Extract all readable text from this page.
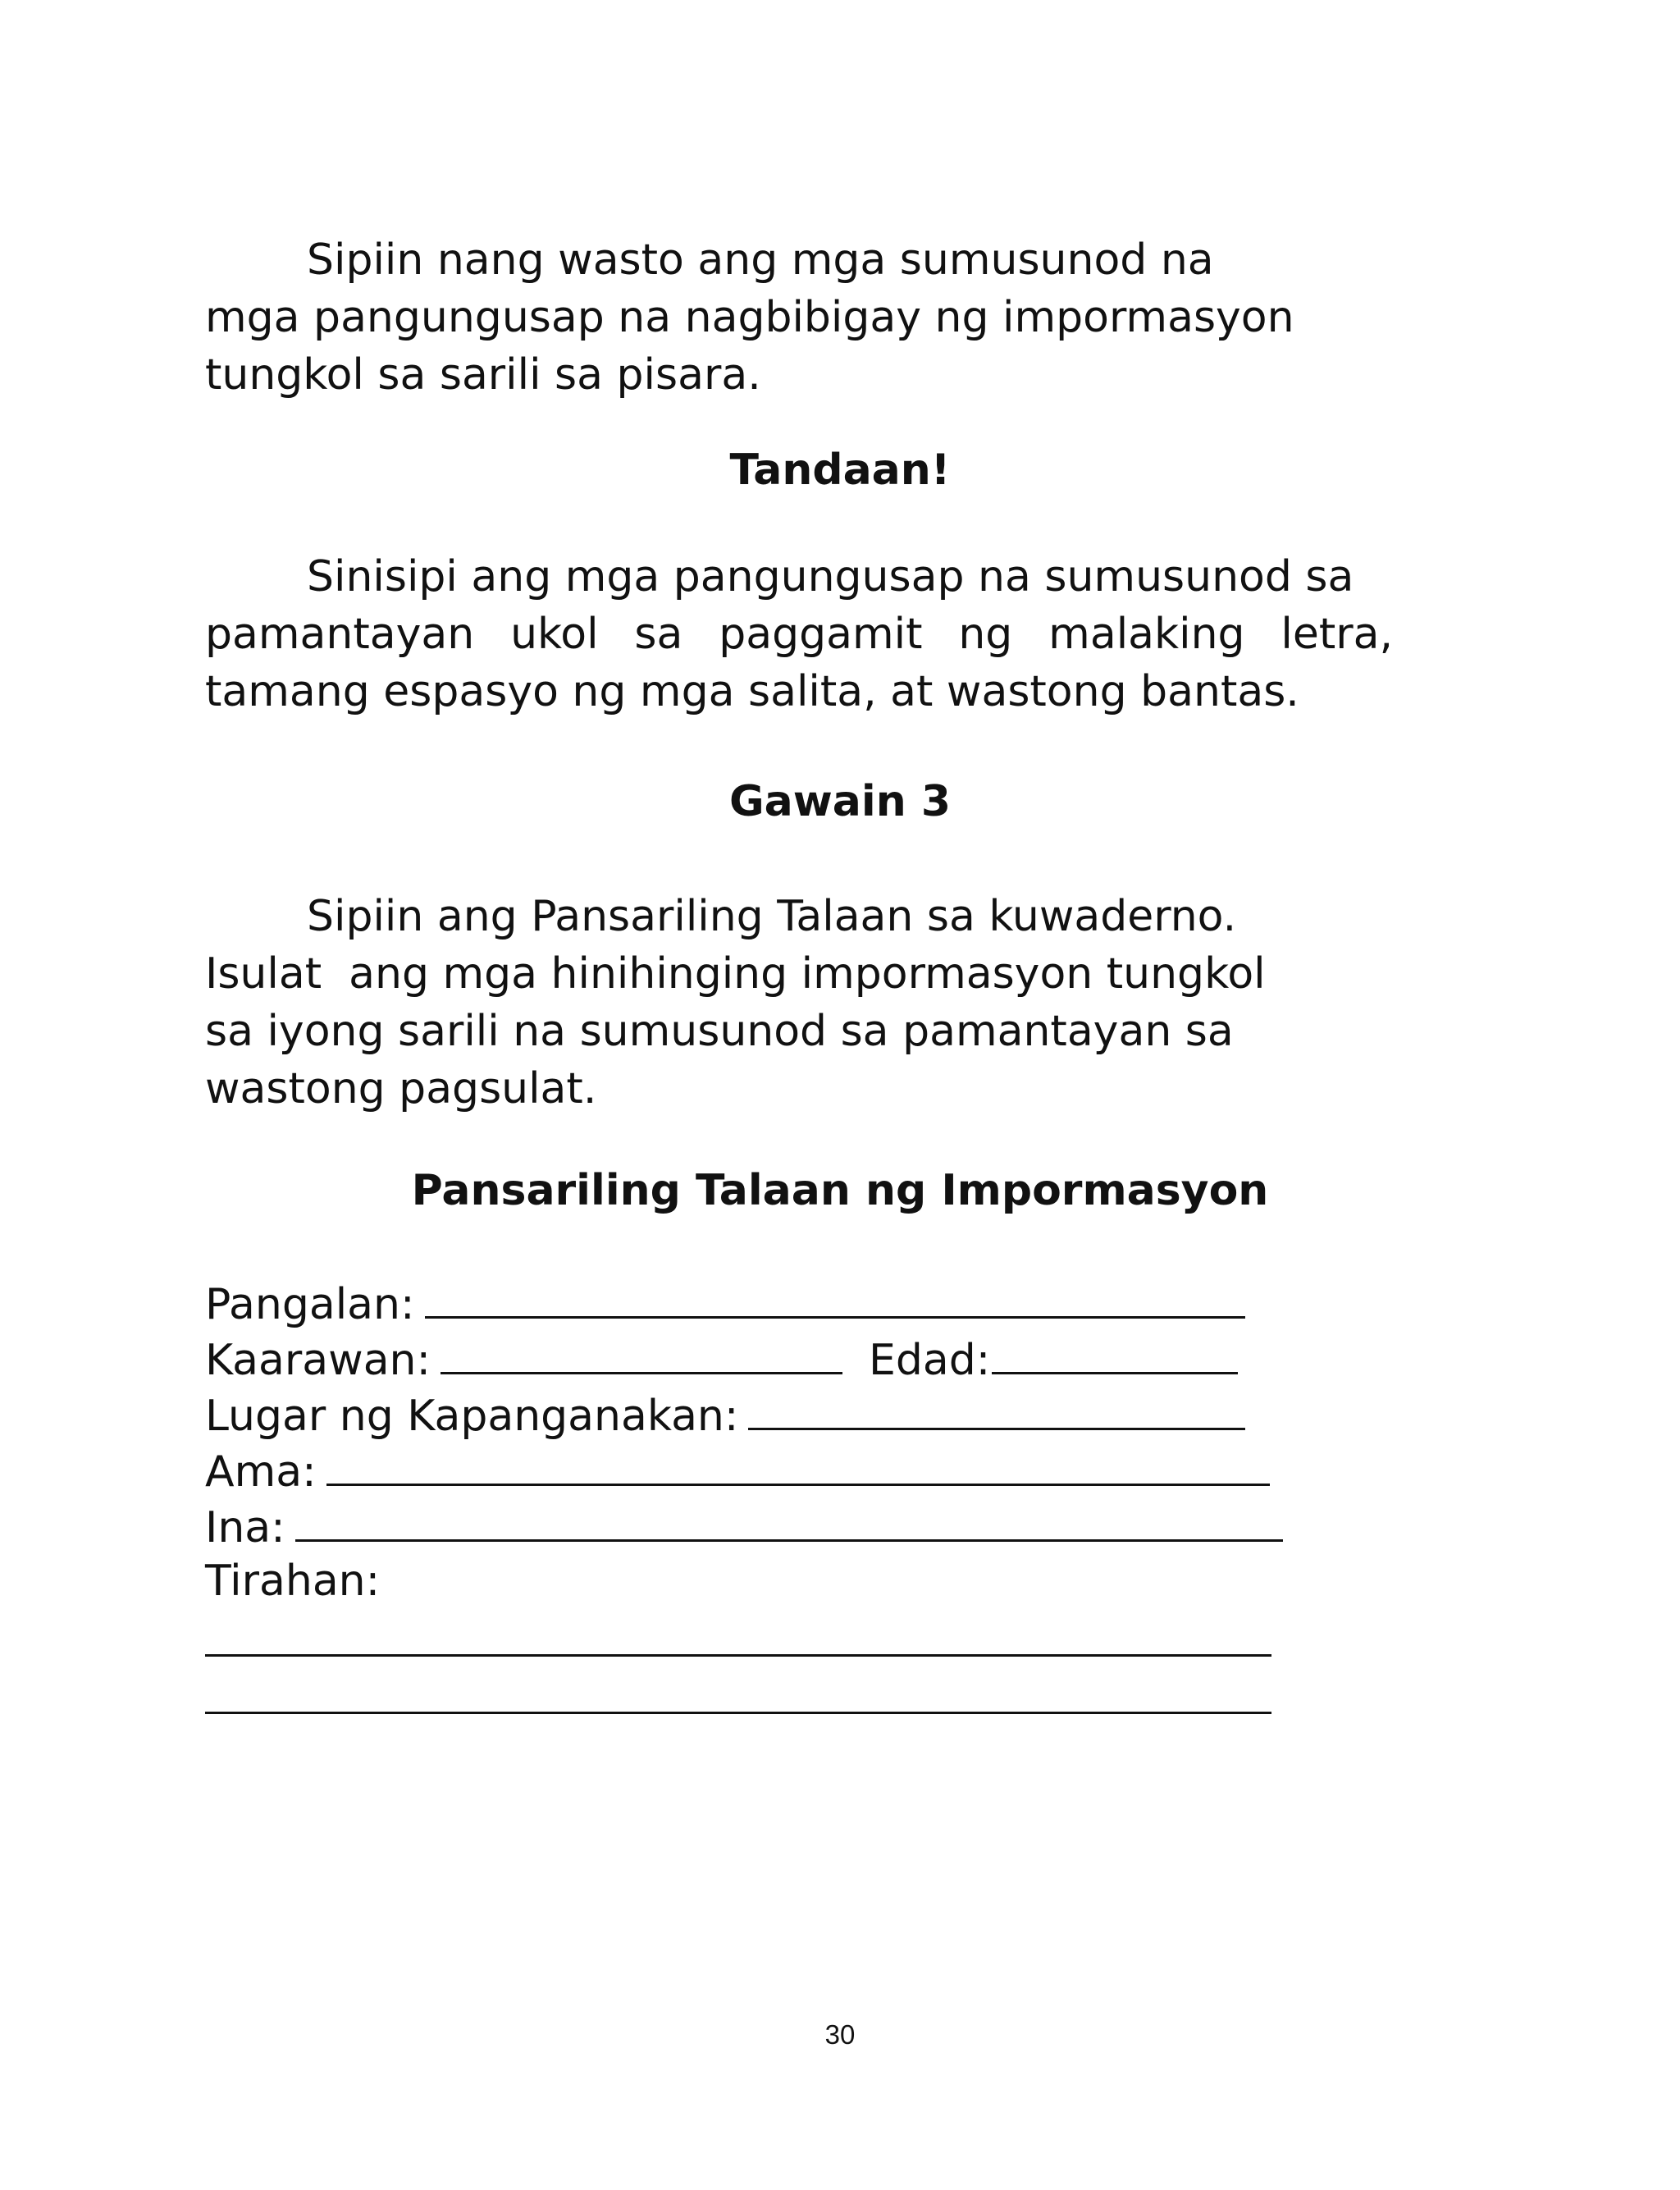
Sipiin nang wasto ang mga sumusunod na
mga pangungusap na nagbibigay ng impormasyon
tungkol sa sarili sa pisara.

Tandaan!

Sinisipi ang mga pangungusap na sumusunod sa
pamantayan ukol sa paggamit ng malaking letra,
tamang espasyo ng mga salita, at wastong bantas.

Gawain 3

Sipiin ang Pansariling Talaan sa kuwaderno.
Isulat  ang mga hinihinging impormasyon tungkol
sa iyong sarili na sumusunod sa pamantayan sa
wastong pagsulat.

Pansariling Talaan ng Impormasyon
Pangalan:
Kaarawan:	Edad:
Lugar ng Kapanganakan:
Ama:
Ina:
Tirahan:
30
